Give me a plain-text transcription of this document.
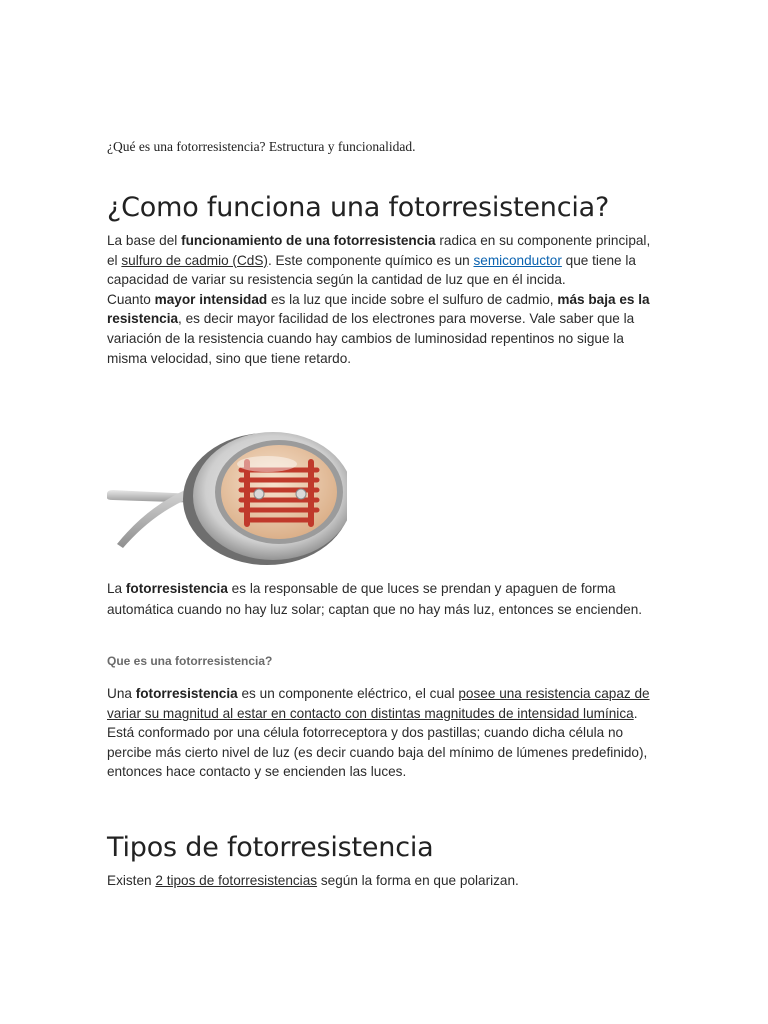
¿Qué es una fotorresistencia? Estructura y funcionalidad.
¿Como funciona una fotorresistencia?

La base del funcionamiento de una fotorresistencia radica en su componente principal, el sulfuro de cadmio (CdS). Este componente químico es un semiconductor que tiene la capacidad de variar su resistencia según la cantidad de luz que en él incida.

Cuanto mayor intensidad es la luz que incide sobre el sulfuro de cadmio, más baja es la resistencia, es decir mayor facilidad de los electrones para moverse. Vale saber que la variación de la resistencia cuando hay cambios de luminosidad repentinos no sigue la misma velocidad, sino que tiene retardo.

La fotorresistencia es la responsable de que luces se prendan y apaguen de forma automática cuando no hay luz solar; captan que no hay más luz, entonces se encienden.

Que es una fotorresistencia?

Una fotorresistencia es un componente eléctrico, el cual posee una resistencia capaz de variar su magnitud al estar en contacto con distintas magnitudes de intensidad lumínica.

Está conformado por una célula fotorreceptora y dos pastillas; cuando dicha célula no percibe más cierto nivel de luz (es decir cuando baja del mínimo de lúmenes predefinido), entonces hace contacto y se encienden las luces.

Tipos de fotorresistencia

Existen 2 tipos de fotorresistencias según la forma en que polarizan.
